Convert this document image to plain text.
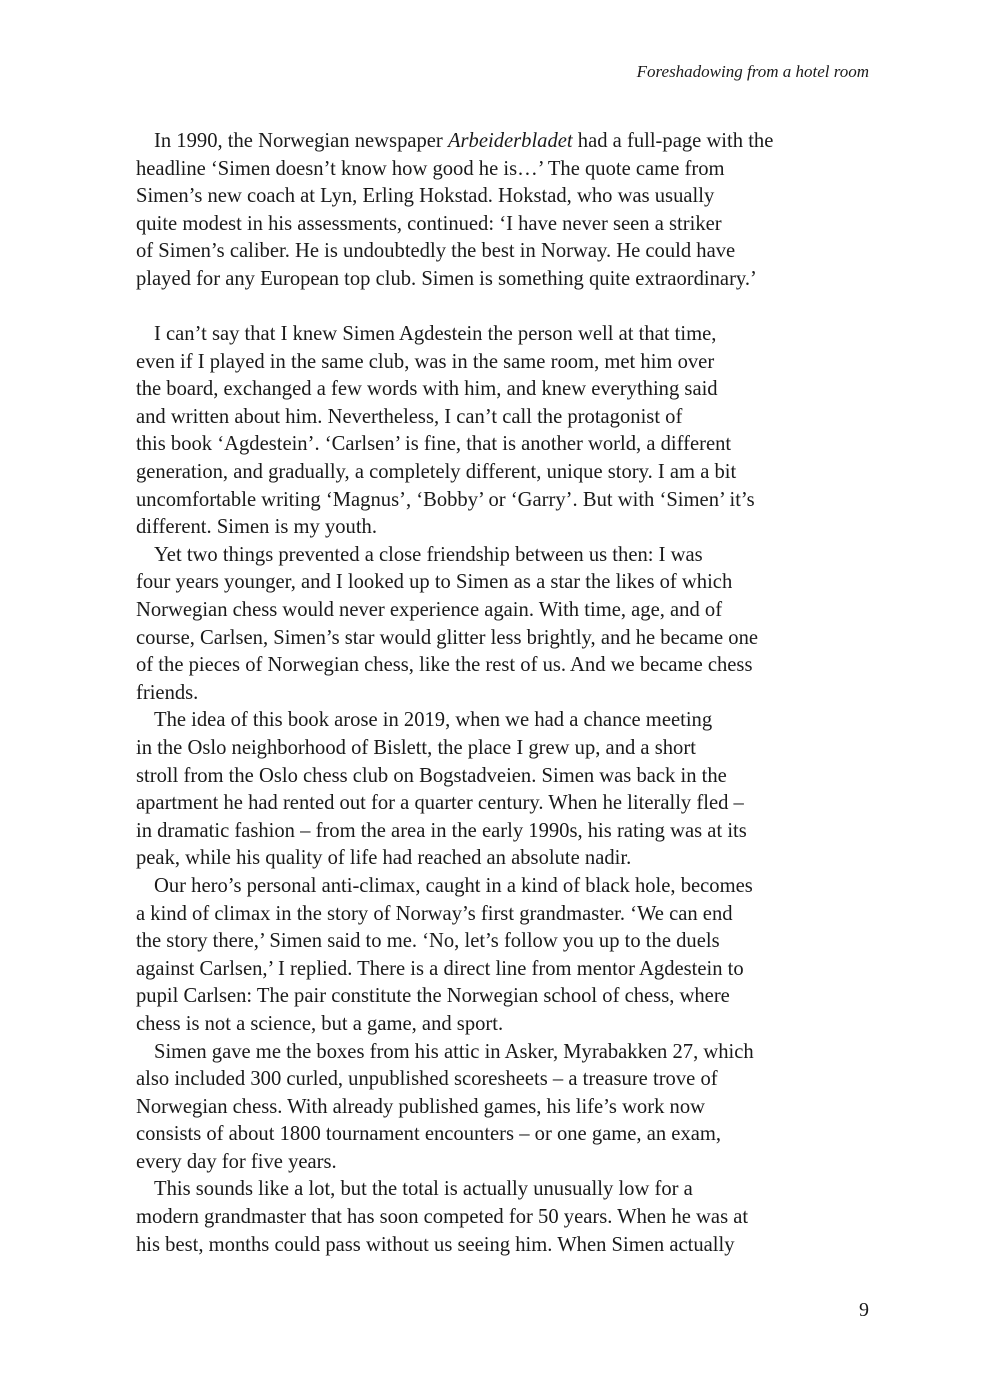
Foreshadowing from a hotel room
In 1990, the Norwegian newspaper Arbeiderbladet had a full-page with the
headline ‘Simen doesn’t know how good he is…’ The quote came from
Simen’s new coach at Lyn, Erling Hokstad. Hokstad, who was usually
quite modest in his assessments, continued: ‘I have never seen a striker
of Simen’s caliber. He is undoubtedly the best in Norway. He could have
played for any European top club. Simen is something quite extraordinary.’
I can’t say that I knew Simen Agdestein the person well at that time,
even if I played in the same club, was in the same room, met him over
the board, exchanged a few words with him, and knew everything said
and written about him. Nevertheless, I can’t call the protagonist of
this book ‘Agdestein’. ‘Carlsen’ is fine, that is another world, a different
generation, and gradually, a completely different, unique story. I am a bit
uncomfortable writing ‘Magnus’, ‘Bobby’ or ‘Garry’. But with ‘Simen’ it’s
different. Simen is my youth.
Yet two things prevented a close friendship between us then: I was
four years younger, and I looked up to Simen as a star the likes of which
Norwegian chess would never experience again. With time, age, and of
course, Carlsen, Simen’s star would glitter less brightly, and he became one
of the pieces of Norwegian chess, like the rest of us. And we became chess
friends.
The idea of this book arose in 2019, when we had a chance meeting
in the Oslo neighborhood of Bislett, the place I grew up, and a short
stroll from the Oslo chess club on Bogstadveien. Simen was back in the
apartment he had rented out for a quarter century. When he literally fled –
in dramatic fashion – from the area in the early 1990s, his rating was at its
peak, while his quality of life had reached an absolute nadir.
Our hero’s personal anti-climax, caught in a kind of black hole, becomes
a kind of climax in the story of Norway’s first grandmaster. ‘We can end
the story there,’ Simen said to me. ‘No, let’s follow you up to the duels
against Carlsen,’ I replied. There is a direct line from mentor Agdestein to
pupil Carlsen: The pair constitute the Norwegian school of chess, where
chess is not a science, but a game, and sport.
Simen gave me the boxes from his attic in Asker, Myrabakken 27, which
also included 300 curled, unpublished scoresheets – a treasure trove of
Norwegian chess. With already published games, his life’s work now
consists of about 1800 tournament encounters – or one game, an exam,
every day for five years.
This sounds like a lot, but the total is actually unusually low for a
modern grandmaster that has soon competed for 50 years. When he was at
his best, months could pass without us seeing him. When Simen actually
9
